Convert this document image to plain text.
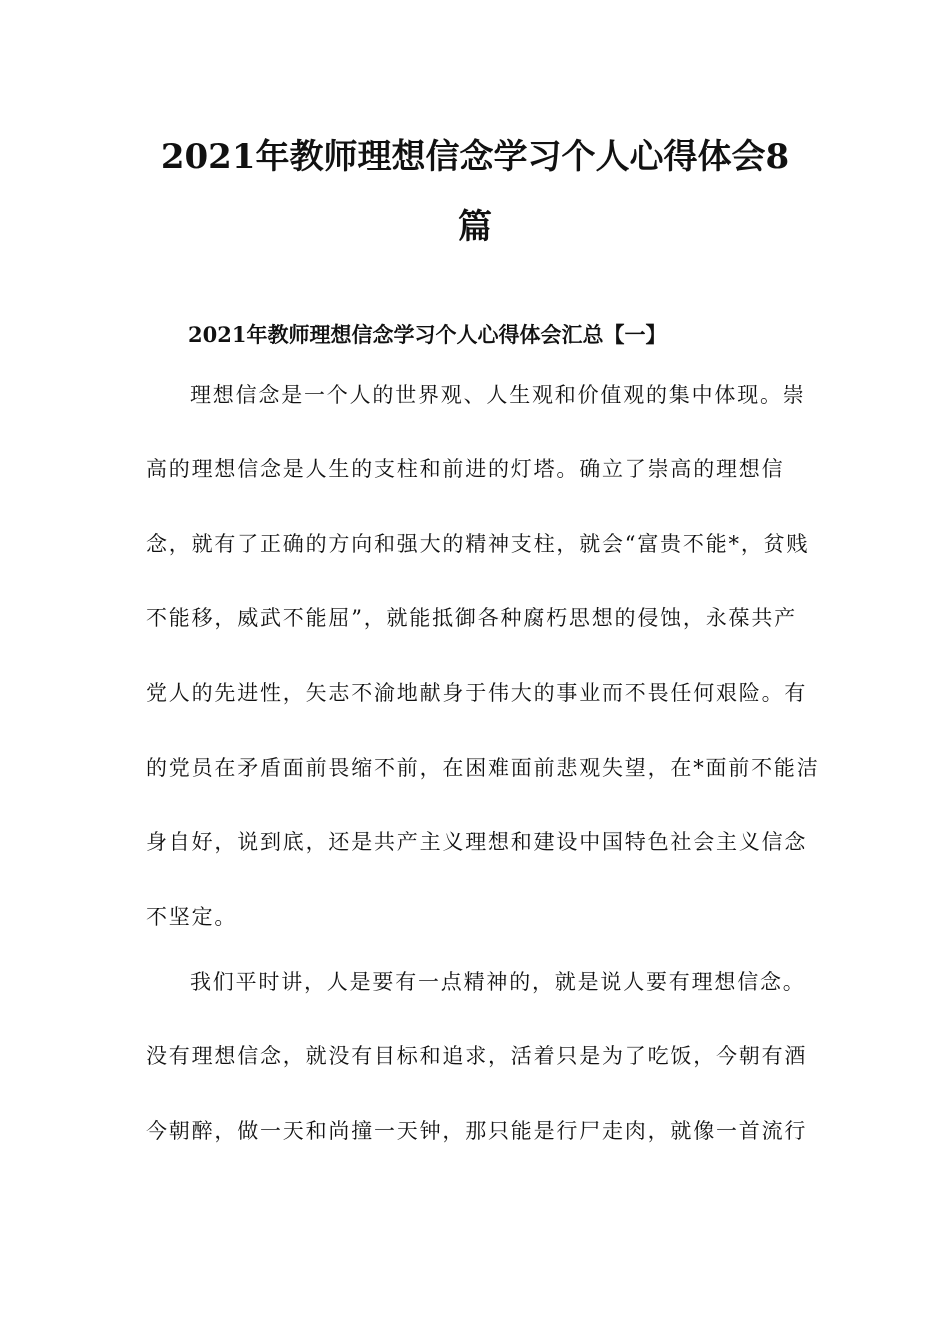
2021年教师理想信念学习个人心得体会8
篇
2021年教师理想信念学习个人心得体会汇总【一】

理想信念是一个人的世界观、人生观和价值观的集中体现。崇

高的理想信念是人生的支柱和前进的灯塔。确立了崇高的理想信

念，就有了正确的方向和强大的精神支柱，就会“富贵不能*，贫贱

不能移，威武不能屈”，就能抵御各种腐朽思想的侵蚀，永葆共产

党人的先进性，矢志不渝地献身于伟大的事业而不畏任何艰险。有

的党员在矛盾面前畏缩不前，在困难面前悲观失望，在*面前不能洁

身自好，说到底，还是共产主义理想和建设中国特色社会主义信念

不坚定。

我们平时讲，人是要有一点精神的，就是说人要有理想信念。

没有理想信念，就没有目标和追求，活着只是为了吃饭，今朝有酒

今朝醉，做一天和尚撞一天钟，那只能是行尸走肉，就像一首流行
